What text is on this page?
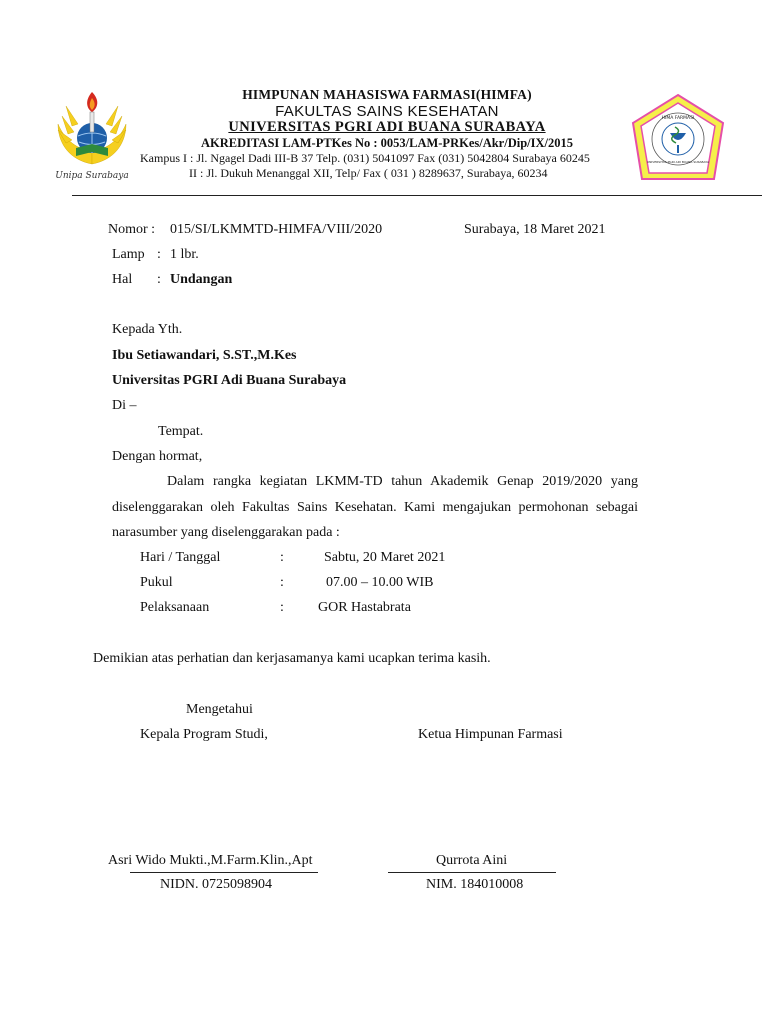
Unipa Surabaya
HIMA FARMASI
UNIVERSITAS PGRI ADI BUANA SURABAYA
HIMPUNAN MAHASISWA FARMASI(HIMFA)
FAKULTAS SAINS KESEHATAN
UNIVERSITAS PGRI ADI BUANA SURABAYA
AKREDITASI LAM-PTKes No : 0053/LAM-PRKes/Akr/Dip/IX/2015
Kampus I : Jl. Ngagel Dadi III-B 37 Telp. (031) 5041097 Fax (031) 5042804 Surabaya 60245
II : Jl. Dukuh Menanggal XII, Telp/ Fax ( 031 ) 8289637, Surabaya, 60234
Nomor : 015/SI/LKMMTD-HIMFA/VIII/2020	Surabaya, 18 Maret 2021
Lamp : 1 lbr.
Hal : Undangan
Kepada Yth.
Ibu Setiawandari, S.ST.,M.Kes
Universitas PGRI Adi Buana Surabaya
Di –
Tempat.
Dengan hormat,
Dalam rangka kegiatan LKMM-TD tahun Akademik Genap 2019/2020 yang diselenggarakan oleh Fakultas Sains Kesehatan. Kami mengajukan permohonan sebagai narasumber yang diselenggarakan pada :
Hari / Tanggal	:	Sabtu, 20 Maret 2021
Pukul	:	07.00 – 10.00 WIB
Pelaksanaan	: GOR Hastabrata
Demikian atas perhatian dan kerjasamanya kami ucapkan terima kasih.
Mengetahui
Kepala Program Studi,	Ketua Himpunan Farmasi
Asri Wido Mukti.,M.Farm.Klin.,Apt
NIDN. 0725098904
Qurrota Aini
NIM. 184010008
